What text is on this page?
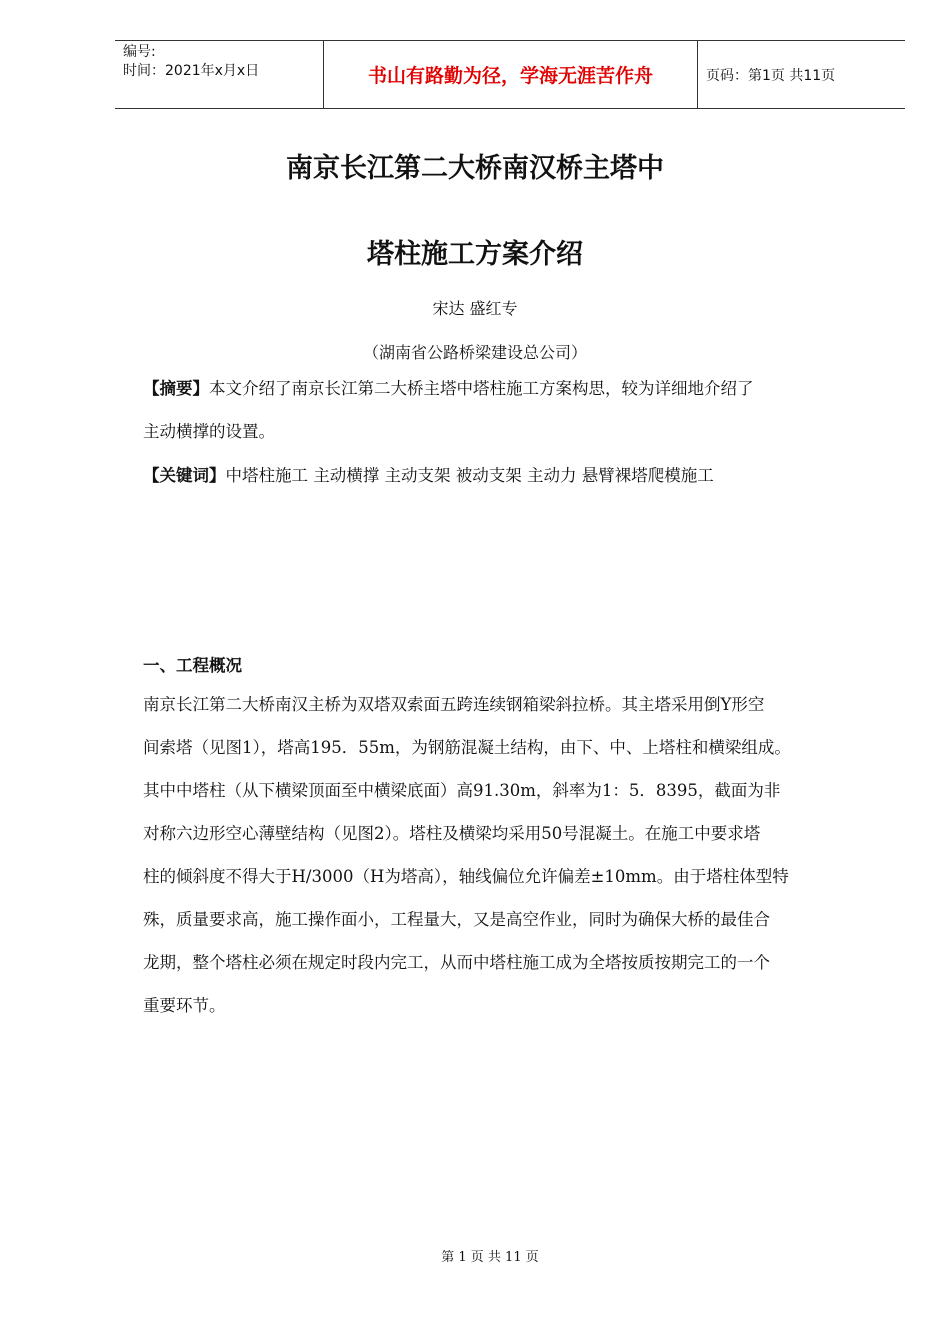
编号:
时间：2021年x月x日	书山有路勤为径，学海无涯苦作舟	页码：第1页 共11页
南京长江第二大桥南汉桥主塔中
塔柱施工方案介绍
宋达 盛红专
（湖南省公路桥梁建设总公司）
【摘要】本文介绍了南京长江第二大桥主塔中塔柱施工方案构思，较为详细地介绍了
主动横撑的设置。
【关键词】中塔柱施工 主动横撑 主动支架 被动支架 主动力 悬臂裸塔爬模施工
一、工程概况
南京长江第二大桥南汉主桥为双塔双索面五跨连续钢箱梁斜拉桥。其主塔采用倒Y形空
间索塔（见图1），塔高195．55m，为钢筋混凝土结构，由下、中、上塔柱和横梁组成。
其中中塔柱（从下横梁顶面至中横梁底面）高91.30m，斜率为1：5．8395，截面为非
对称六边形空心薄壁结构（见图2）。塔柱及横梁均采用50号混凝土。在施工中要求塔
柱的倾斜度不得大于H/3000（H为塔高），轴线偏位允许偏差±10mm。由于塔柱体型特
殊，质量要求高，施工操作面小，工程量大，又是高空作业，同时为确保大桥的最佳合
龙期，整个塔柱必须在规定时段内完工，从而中塔柱施工成为全塔按质按期完工的一个
重要环节。
第 1 页 共 11 页
